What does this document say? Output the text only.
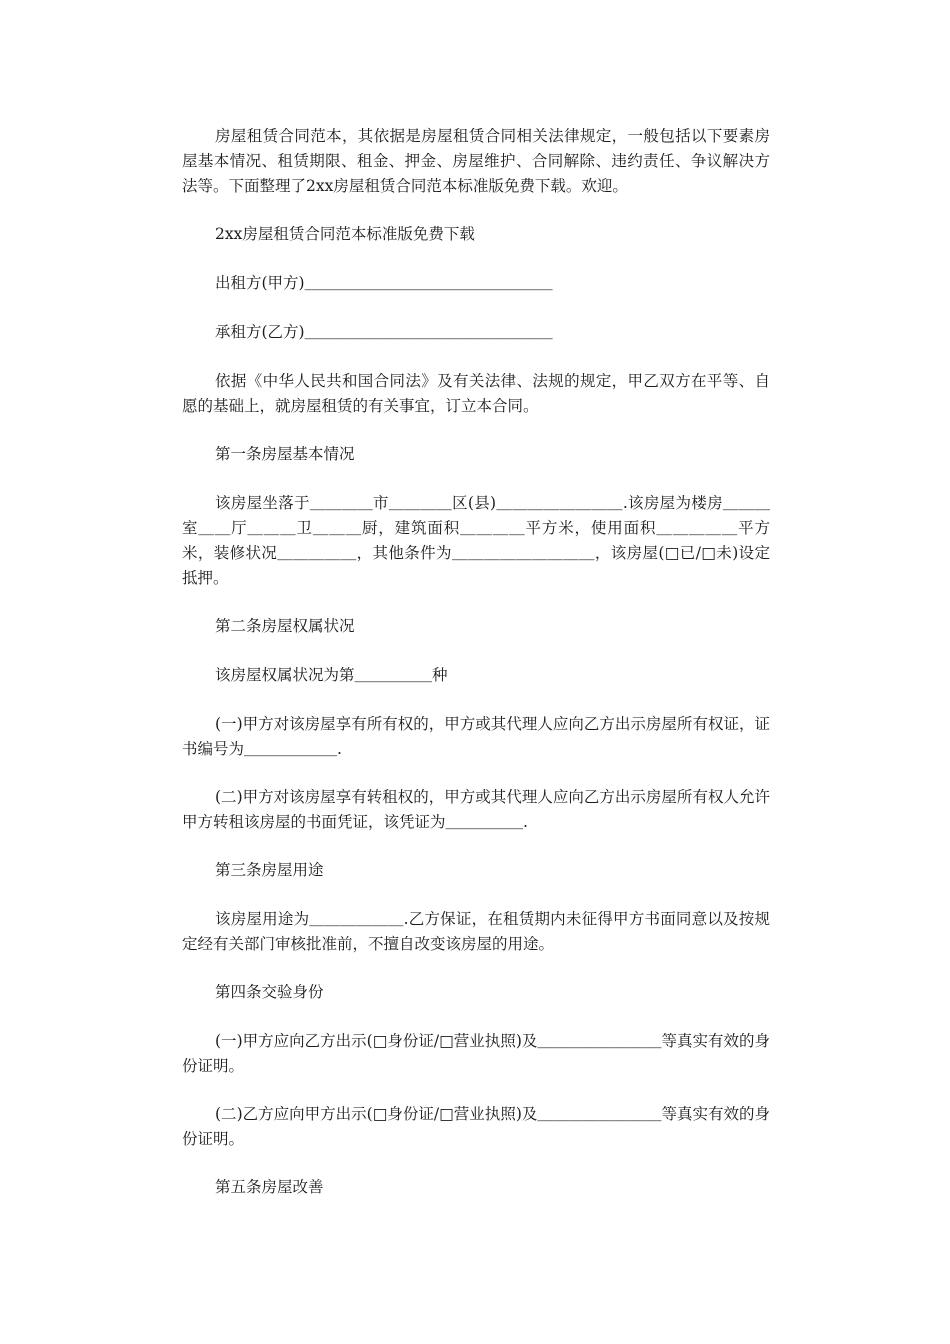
房屋租赁合同范本，其依据是房屋租赁合同相关法律规定，一般包括以下要素房屋基本情况、租赁期限、租金、押金、房屋维护、合同解除、违约责任、争议解决方法等。下面整理了2xx房屋租赁合同范本标准版免费下载。欢迎。

2xx房屋租赁合同范本标准版免费下载

出租方(甲方)＿＿＿＿＿＿＿＿＿＿＿＿＿＿＿＿

承租方(乙方)＿＿＿＿＿＿＿＿＿＿＿＿＿＿＿＿

依据《中华人民共和国合同法》及有关法律、法规的规定，甲乙双方在平等、自愿的基础上，就房屋租赁的有关事宜，订立本合同。

第一条房屋基本情况

该房屋坐落于＿＿＿＿市＿＿＿＿区(县)＿＿＿＿＿＿＿＿.该房屋为楼房＿＿＿室＿＿厅＿＿＿卫＿＿＿厨，建筑面积＿＿＿＿平方米，使用面积＿＿＿＿＿平方米，装修状况＿＿＿＿＿，其他条件为＿＿＿＿＿＿＿＿＿，该房屋(□已/□未)设定抵押。

第二条房屋权属状况

该房屋权属状况为第＿＿＿＿＿种

(一)甲方对该房屋享有所有权的，甲方或其代理人应向乙方出示房屋所有权证，证书编号为＿＿＿＿＿＿.

(二)甲方对该房屋享有转租权的，甲方或其代理人应向乙方出示房屋所有权人允许甲方转租该房屋的书面凭证，该凭证为＿＿＿＿＿.

第三条房屋用途

该房屋用途为＿＿＿＿＿＿.乙方保证，在租赁期内未征得甲方书面同意以及按规定经有关部门审核批准前，不擅自改变该房屋的用途。

第四条交验身份

(一)甲方应向乙方出示(□身份证/□营业执照)及＿＿＿＿＿＿＿＿等真实有效的身份证明。

(二)乙方应向甲方出示(□身份证/□营业执照)及＿＿＿＿＿＿＿＿等真实有效的身份证明。

第五条房屋改善
